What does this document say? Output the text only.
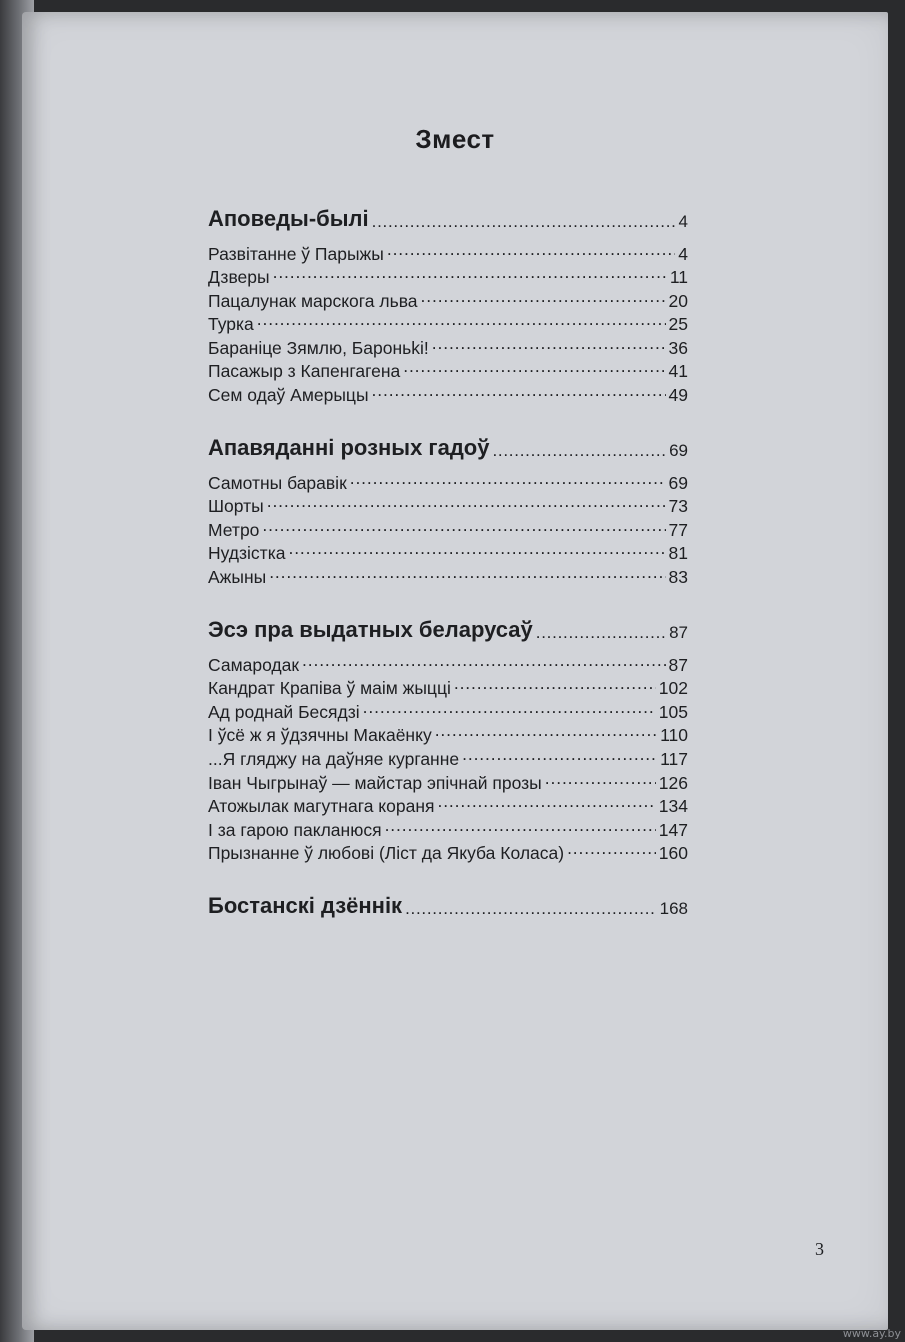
Змест
Аповеды-былі . . .	4
Развітанне ў Парыжы . . .	4
Дзверы . . .	11
Пацалунак марскога льва . . .	20
Турка . . .	25
Бараніце Зямлю, Бароньki! . . .	36
Пасажыр з Капенгагена . . .	41
Сем одаў Амерыцы . . .	49
Апавяданні розных гадоў . . .	69
Самотны баравік . . .	69
Шорты . . .	73
Метро . . .	77
Нудзістка . . .	81
Ажыны . . .	83
Эсэ пра выдатных беларусаў . . .	87
Самародак . . .	87
Кандрат Крапіва ў маім жыцці . . .	102
Ад роднай Бесядзі . . .	105
І ўсё ж я ўдзячны Макаёнку . . .	110
...Я гляджу на даўняе курганне . . .	117
Іван Чыгрынаў — майстар эпічнай прозы . . .	126
Атожылак магутнага кораня . . .	134
І за гарою пакланюся . . .	147
Прызнанне ў любові (Ліст да Якуба Коласа) . . .	160
Бостанскі дзённік . . .	168
3
www.ay.by
